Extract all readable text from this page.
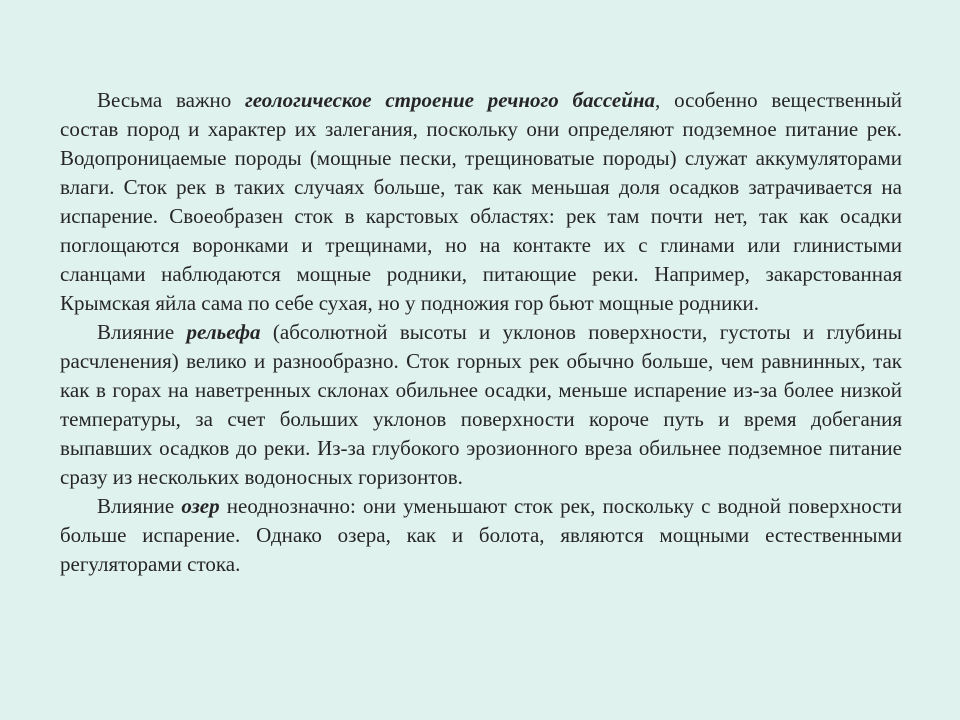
Весьма важно геологическое строение речного бассейна, особенно вещественный состав пород и характер их залегания, поскольку они определяют подземное питание рек. Водопроницаемые породы (мощные пески, трещиноватые породы) служат аккумуляторами влаги. Сток рек в таких случаях больше, так как меньшая доля осадков затрачивается на испарение. Своеобразен сток в карстовых областях: рек там почти нет, так как осадки поглощаются воронками и трещинами, но на контакте их с глинами или глинистыми сланцами наблюдаются мощные родники, питающие реки. Например, закарстованная Крымская яйла сама по себе сухая, но у подножия гор бьют мощные родники.

Влияние рельефа (абсолютной высоты и уклонов поверхности, густоты и глубины расчленения) велико и разнообразно. Сток горных рек обычно больше, чем равнинных, так как в горах на наветренных склонах обильнее осадки, меньше испарение из-за более низкой температуры, за счет больших уклонов поверхности короче путь и время добегания выпавших осадков до реки. Из-за глубокого эрозионного вреза обильнее подземное питание сразу из нескольких водоносных горизонтов.

Влияние озер неоднозначно: они уменьшают сток рек, поскольку с водной поверхности больше испарение. Однако озера, как и болота, являются мощными естественными регуляторами стока.
